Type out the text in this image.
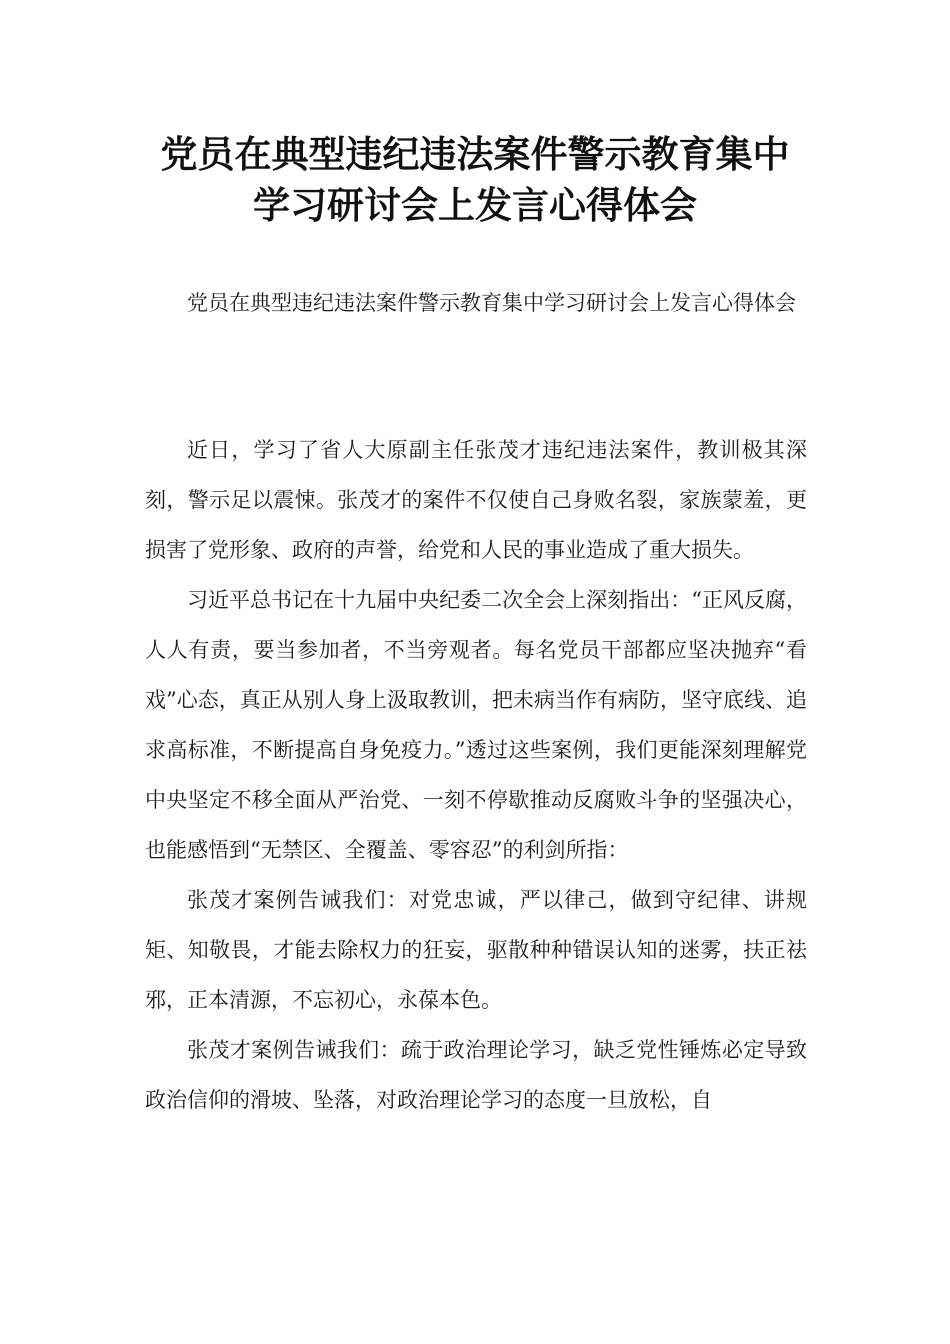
党员在典型违纪违法案件警示教育集中
学习研讨会上发言心得体会

党员在典型违纪违法案件警示教育集中学习研讨会上发言心得体会

近日，学习了省人大原副主任张茂才违纪违法案件，教训极其深刻，警示足以震悚。张茂才的案件不仅使自己身败名裂，家族蒙羞，更损害了党形象、政府的声誉，给党和人民的事业造成了重大损失。

习近平总书记在十九届中央纪委二次全会上深刻指出：“正风反腐，人人有责，要当参加者，不当旁观者。每名党员干部都应坚决抛弃“看戏”心态，真正从别人身上汲取教训，把未病当作有病防，坚守底线、追求高标准，不断提高自身免疫力。”透过这些案例，我们更能深刻理解党中央坚定不移全面从严治党、一刻不停歇推动反腐败斗争的坚强决心，也能感悟到“无禁区、全覆盖、零容忍”的利剑所指：

张茂才案例告诫我们：对党忠诚，严以律己，做到守纪律、讲规矩、知敬畏，才能去除权力的狂妄，驱散种种错误认知的迷雾，扶正祛邪，正本清源，不忘初心，永葆本色。

张茂才案例告诫我们：疏于政治理论学习，缺乏党性锤炼必定导致政治信仰的滑坡、坠落，对政治理论学习的态度一旦放松，自
